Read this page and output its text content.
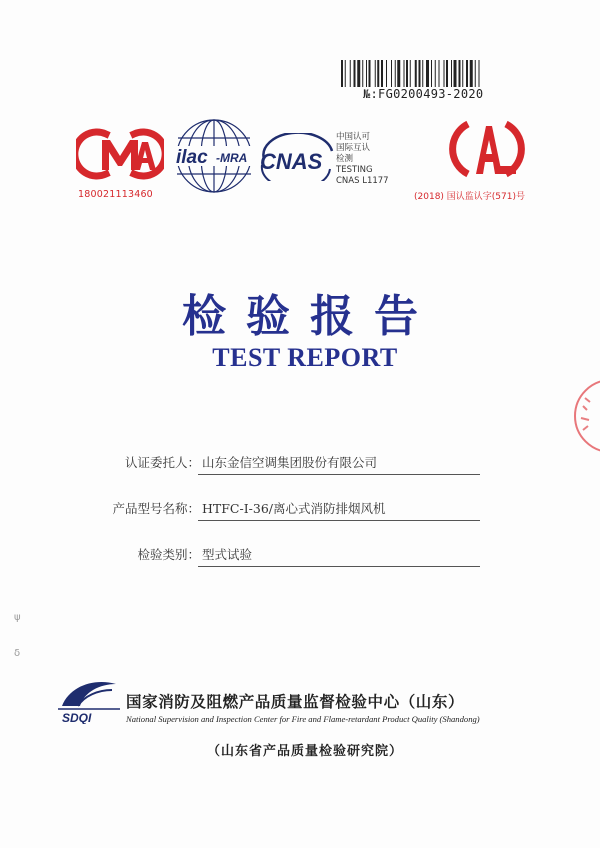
№:FG0200493-2020
180021113460
ilac -MRA CNAS
中国认可
国际互认
检测
TESTING
CNAS L1177
(2018) 国认监认字(571)号
检验报告
TEST REPORT
认证委托人： 山东金信空调集团股份有限公司
产品型号名称： HTFC-I-36/离心式消防排烟风机
检验类别： 型式试验
ψ
δ
SDQI
国家消防及阻燃产品质量监督检验中心（山东）
National Supervision and Inspection Center for Fire and Flame-retardant Product Quality (Shandong)
（山东省产品质量检验研究院）
